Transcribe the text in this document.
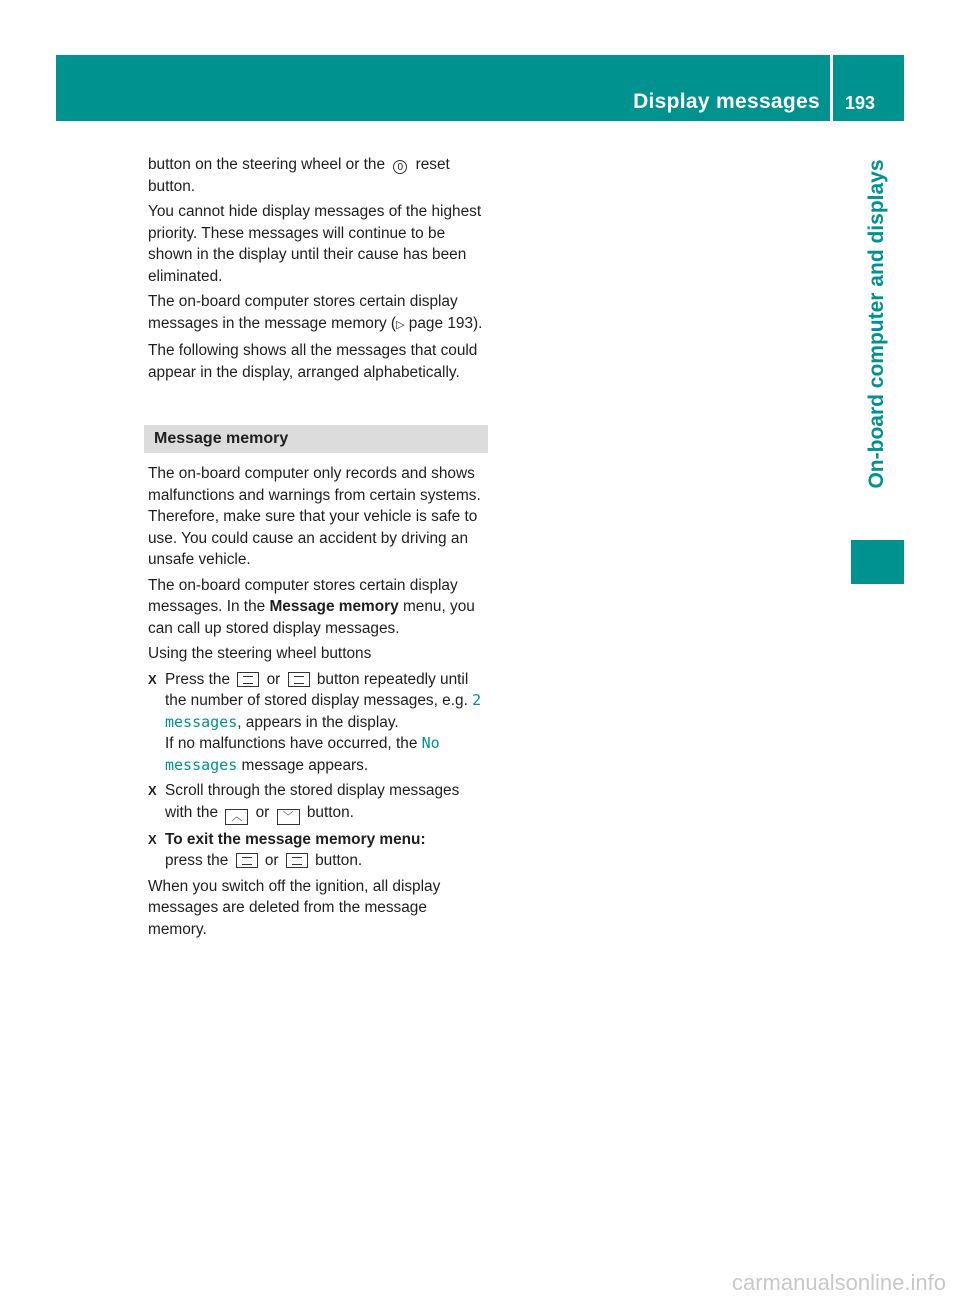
Display messages 193
On-board computer and displays

button on the steering wheel or the 0 reset button.

You cannot hide display messages of the highest priority. These messages will continue to be shown in the display until their cause has been eliminated.

The on-board computer stores certain display messages in the message memory (▷ page 193).

The following shows all the messages that could appear in the display, arranged alphabetically.

Message memory

The on-board computer only records and shows malfunctions and warnings from certain systems. Therefore, make sure that your vehicle is safe to use. You could cause an accident by driving an unsafe vehicle.

The on-board computer stores certain display messages. In the Message memory menu, you can call up stored display messages.

Using the steering wheel buttons

X Press the  or  button repeatedly until the number of stored display messages, e.g. 2 messages, appears in the display.
If no malfunctions have occurred, the No messages message appears.
X Scroll through the stored display messages with the ︿ or ﹀ button.
X To exit the message memory menu:
press the  or  button.

When you switch off the ignition, all display messages are deleted from the message memory.

carmanualsonline.info
